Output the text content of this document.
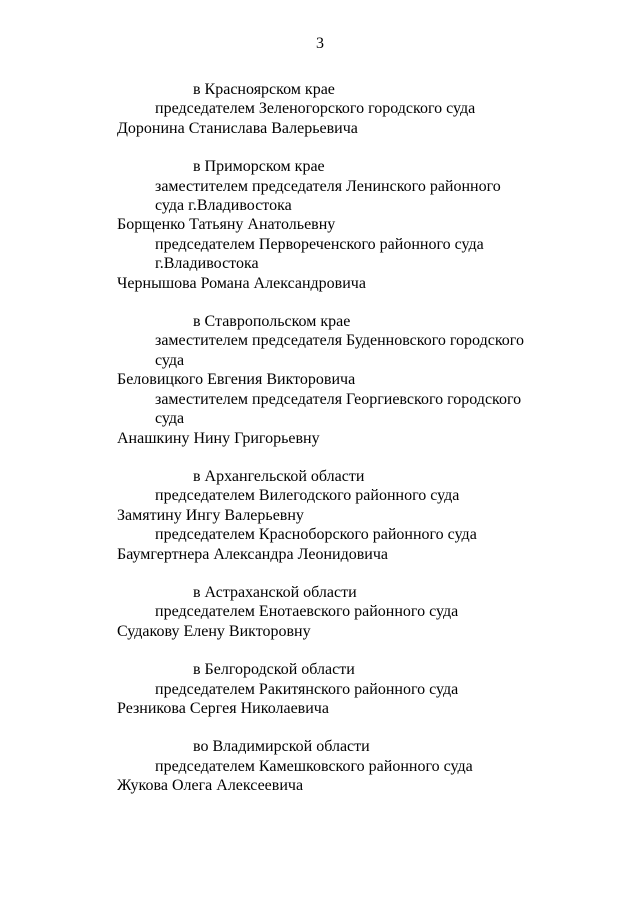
3
в Красноярском крае
председателем Зеленогорского городского суда
Доронина Станислава Валерьевича
в Приморском крае
заместителем председателя Ленинского районного
суда г.Владивостока
Борщенко Татьяну Анатольевну
председателем Первореченского районного суда
г.Владивостока
Чернышова Романа Александровича
в Ставропольском крае
заместителем председателя Буденновского городского
суда
Беловицкого Евгения Викторовича
заместителем председателя Георгиевского городского
суда
Анашкину Нину Григорьевну
в Архангельской области
председателем Вилегодского районного суда
Замятину Ингу Валерьевну
председателем Красноборского районного суда
Баумгертнера Александра Леонидовича
в Астраханской области
председателем Енотаевского районного суда
Судакову Елену Викторовну
в Белгородской области
председателем Ракитянского районного суда
Резникова Сергея Николаевича
во Владимирской области
председателем Камешковского районного суда
Жукова Олега Алексеевича
